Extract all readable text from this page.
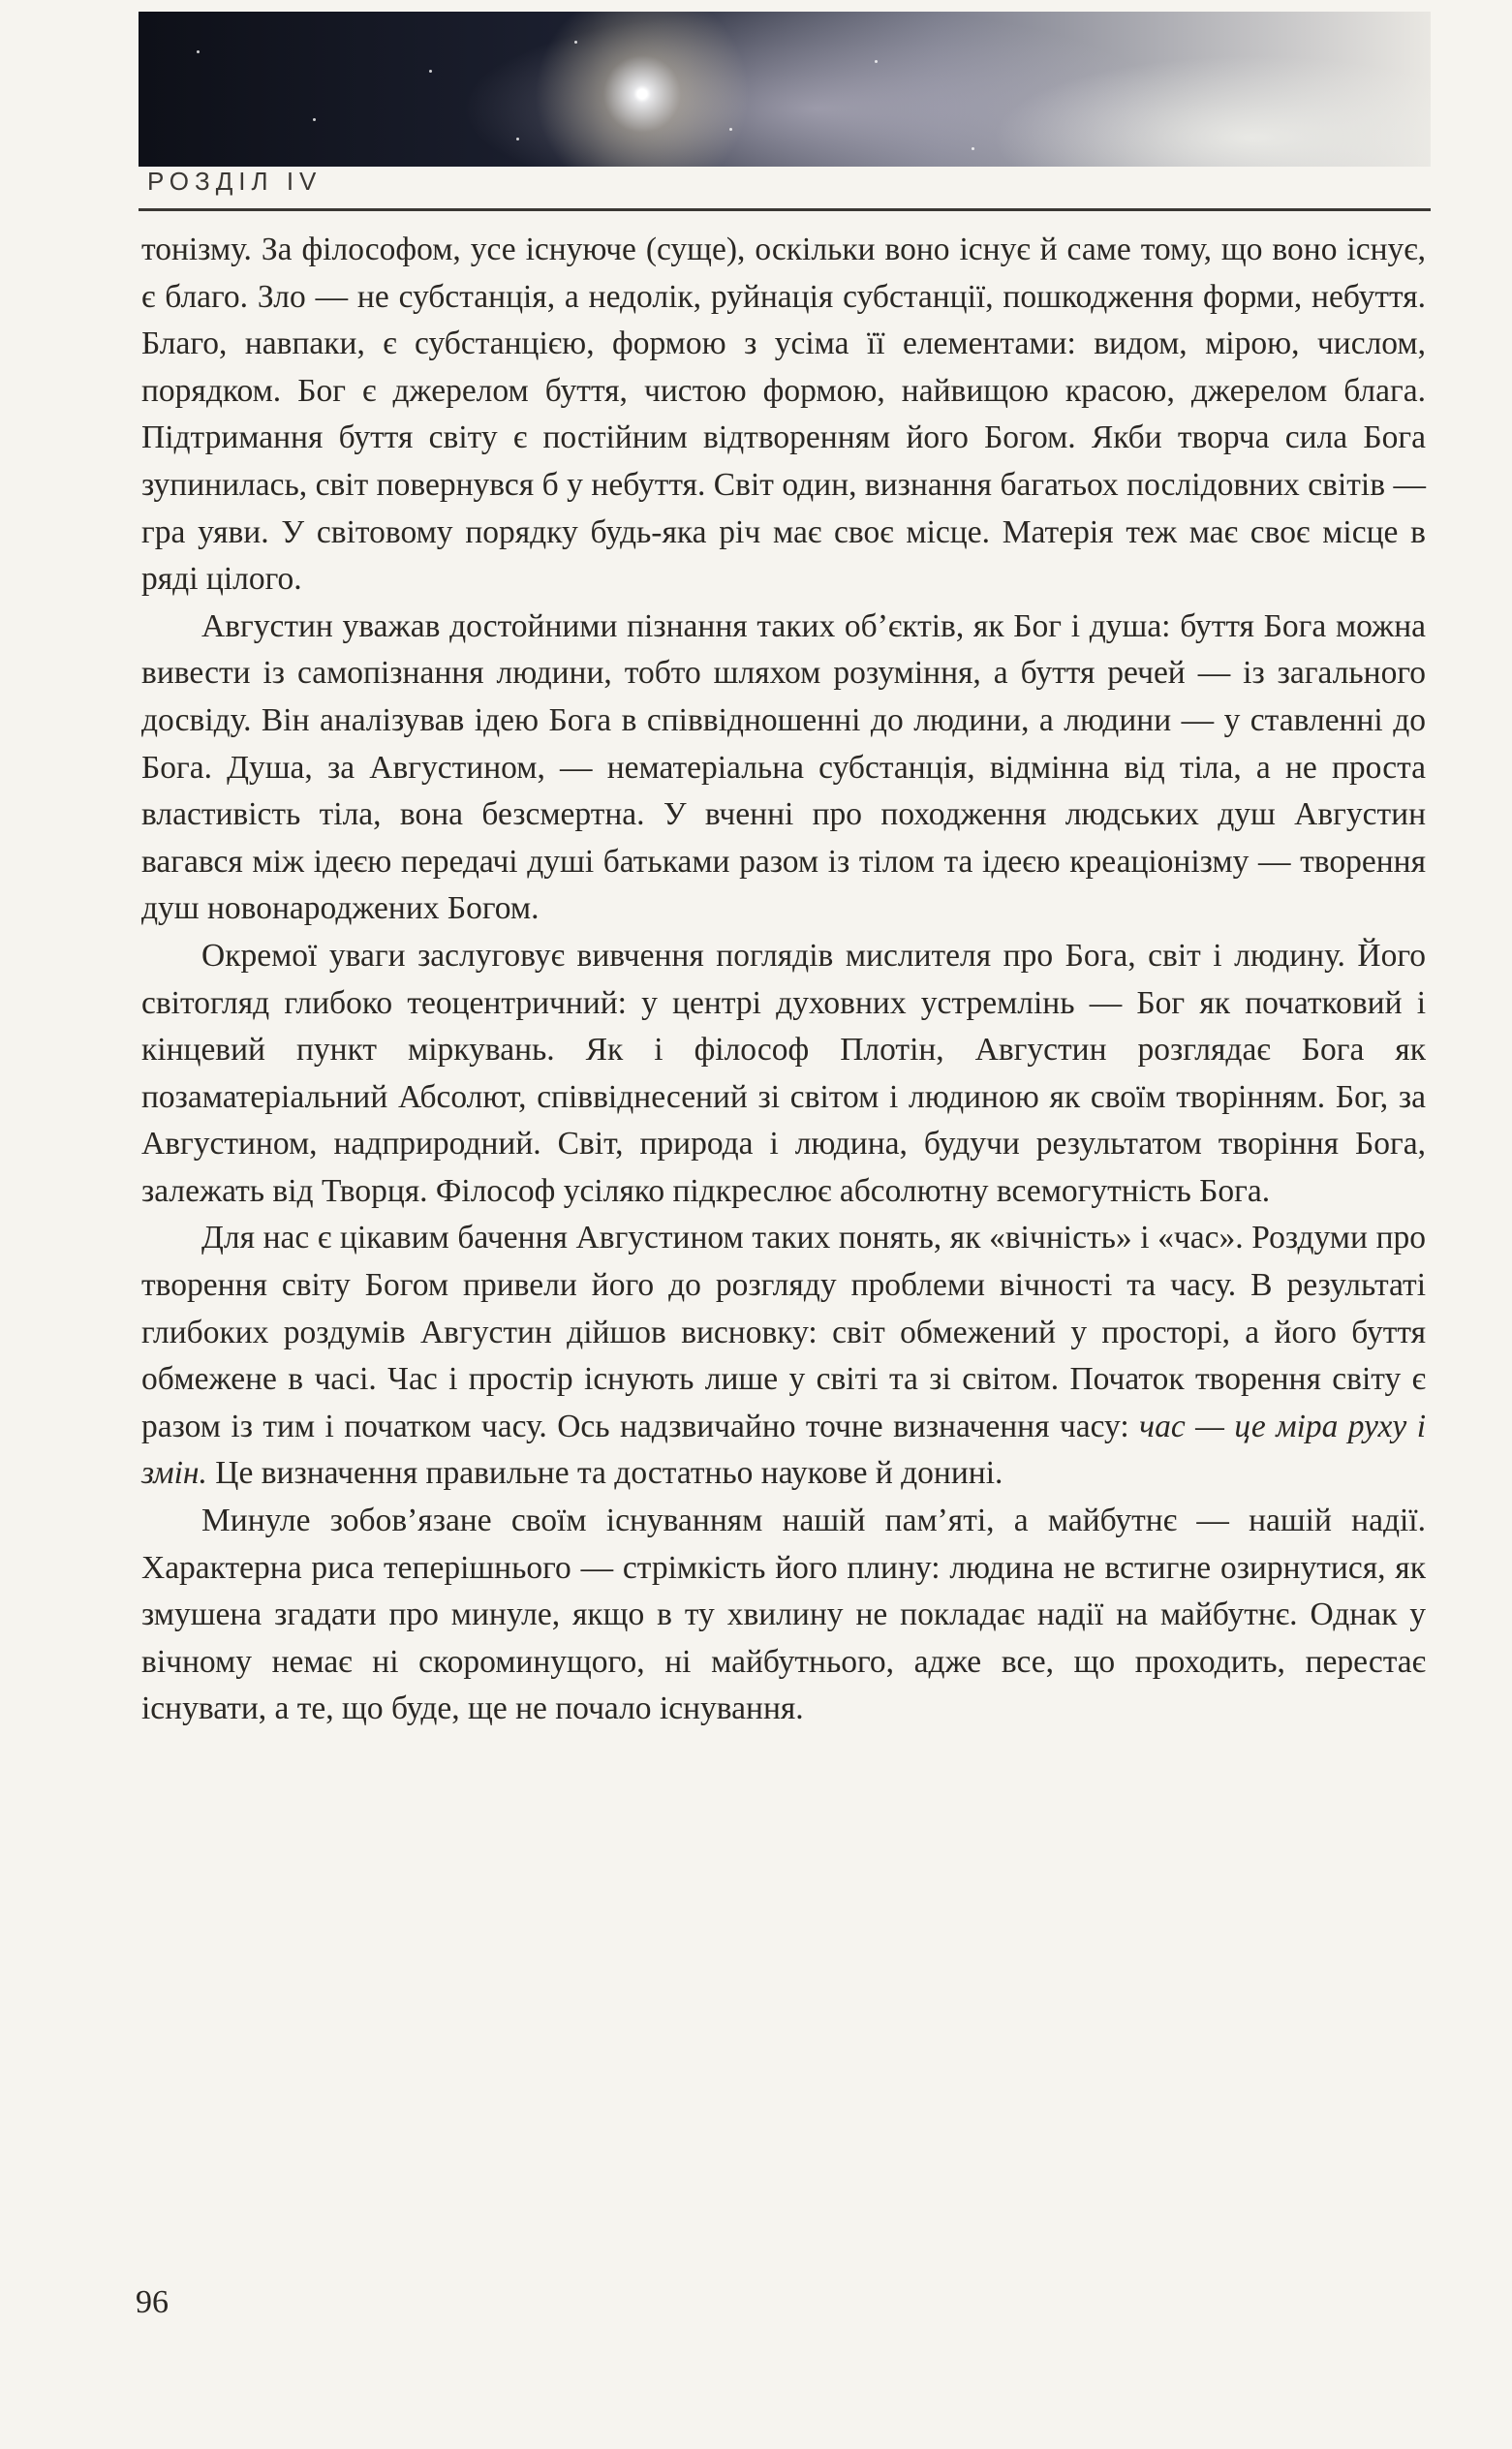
РОЗДІЛ IV

тонізму. За філософом, усе існуюче (суще), оскільки воно існує й саме тому, що воно існує, є благо. Зло — не субстанція, а недолік, руйнація субстанції, пошкодження форми, небуття. Благо, навпаки, є субстанцією, формою з усіма її елементами: видом, мірою, числом, порядком. Бог є джерелом буття, чистою формою, найвищою красою, джерелом блага. Підтримання буття світу є постійним відтворенням його Богом. Якби творча сила Бога зупинилась, світ повернувся б у небуття. Світ один, визнання багатьох послідовних світів — гра уяви. У світовому порядку будь-яка річ має своє місце. Матерія теж має своє місце в ряді цілого.

Августин уважав достойними пізнання таких об’єктів, як Бог і душа: буття Бога можна вивести із самопізнання людини, тобто шляхом розуміння, а буття речей — із загального досвіду. Він аналізував ідею Бога в співвідношенні до людини, а людини — у ставленні до Бога. Душа, за Августином, — нематеріальна субстанція, відмінна від тіла, а не проста властивість тіла, вона безсмертна. У вченні про походження людських душ Августин вагався між ідеєю передачі душі батьками разом із тілом та ідеєю креаціонізму — творення душ новонароджених Богом.

Окремої уваги заслуговує вивчення поглядів мислителя про Бога, світ і людину. Його світогляд глибоко теоцентричний: у центрі духовних устремлінь — Бог як початковий і кінцевий пункт міркувань. Як і філософ Плотін, Августин розглядає Бога як позаматеріальний Абсолют, співвіднесений зі світом і людиною як своїм творінням. Бог, за Августином, надприродний. Світ, природа і людина, будучи результатом творіння Бога, залежать від Творця. Філософ усіляко підкреслює абсолютну всемогутність Бога.

Для нас є цікавим бачення Августином таких понять, як «вічність» і «час». Роздуми про творення світу Богом привели його до розгляду проблеми вічності та часу. В результаті глибоких роздумів Августин дійшов висновку: світ обмежений у просторі, а його буття обмежене в часі. Час і простір існують лише у світі та зі світом. Початок творення світу є разом із тим і початком часу. Ось надзвичайно точне визначення часу: час — це міра руху і змін. Це визначення правильне та достатньо наукове й донині.

Минуле зобов’язане своїм існуванням нашій пам’яті, а майбутнє — нашій надії. Характерна риса теперішнього — стрімкість його плину: людина не встигне озирнутися, як змушена згадати про минуле, якщо в ту хвилину не покладає надії на майбутнє. Однак у вічному немає ні скороминущого, ні майбутнього, адже все, що проходить, перестає існувати, а те, що буде, ще не почало існування.

96
